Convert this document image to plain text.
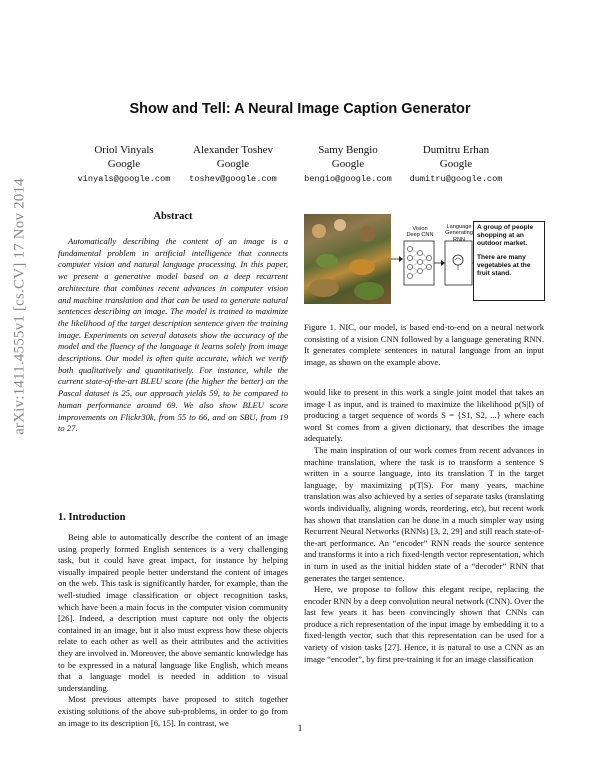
arXiv:1411.4555v1 [cs.CV] 17 Nov 2014
Show and Tell: A Neural Image Caption Generator
Oriol Vinyals
Google
vinyals@google.com
Alexander Toshev
Google
toshev@google.com
Samy Bengio
Google
bengio@google.com
Dumitru Erhan
Google
dumitru@google.com
Abstract

Automatically describing the content of an image is a fundamental problem in artificial intelligence that connects computer vision and natural language processing. In this paper, we present a generative model based on a deep recurrent architecture that combines recent advances in computer vision and machine translation and that can be used to generate natural sentences describing an image. The model is trained to maximize the likelihood of the target description sentence given the training image. Experiments on several datasets show the accuracy of the model and the fluency of the language it learns solely from image descriptions. Our model is often quite accurate, which we verify both qualitatively and quantitatively. For instance, while the current state-of-the-art BLEU score (the higher the better) on the Pascal dataset is 25, our approach yields 59, to be compared to human performance around 69. We also show BLEU score improvements on Flickr30k, from 55 to 66, and on SBU, from 19 to 27.

1. Introduction

Being able to automatically describe the content of an image using properly formed English sentences is a very challenging task, but it could have great impact, for instance by helping visually impaired people better understand the content of images on the web. This task is significantly harder, for example, than the well-studied image classification or object recognition tasks, which have been a main focus in the computer vision community [26]. Indeed, a description must capture not only the objects contained in an image, but it also must express how these objects relate to each other as well as their attributes and the activities they are involved in. Moreover, the above semantic knowledge has to be expressed in a natural language like English, which means that a language model is needed in addition to visual understanding.

Most previous attempts have proposed to stitch together existing solutions of the above sub-problems, in order to go from an image to its description [6, 15]. In contrast, we

Vision
Deep CNN
Language
Generating
RNN
A group of people shopping at an outdoor market.
There are many vegetables at the fruit stand.
Figure 1. NIC, our model, is based end-to-end on a neural network consisting of a vision CNN followed by a language generating RNN. It generates complete sentences in natural language from an input image, as shown on the example above.

would like to present in this work a single joint model that takes an image I as input, and is trained to maximize the likelihood p(S|I) of producing a target sequence of words S = {S1, S2, ...} where each word St comes from a given dictionary, that describes the image adequately.

The main inspiration of our work comes from recent advances in machine translation, where the task is to transform a sentence S written in a source language, into its translation T in the target language, by maximizing p(T|S). For many years, machine translation was also achieved by a series of separate tasks (translating words individually, aligning words, reordering, etc), but recent work has shown that translation can be done in a much simpler way using Recurrent Neural Networks (RNNs) [3, 2, 29] and still reach state-of-the-art performance. An “encoder” RNN reads the source sentence and transforms it into a rich fixed-length vector representation, which in turn in used as the initial hidden state of a “decoder” RNN that generates the target sentence.

Here, we propose to follow this elegant recipe, replacing the encoder RNN by a deep convolution neural network (CNN). Over the last few years it has been convincingly shown that CNNs can produce a rich representation of the input image by embedding it to a fixed-length vector, such that this representation can be used for a variety of vision tasks [27]. Hence, it is natural to use a CNN as an image “encoder”, by first pre-training it for an image classification

1
